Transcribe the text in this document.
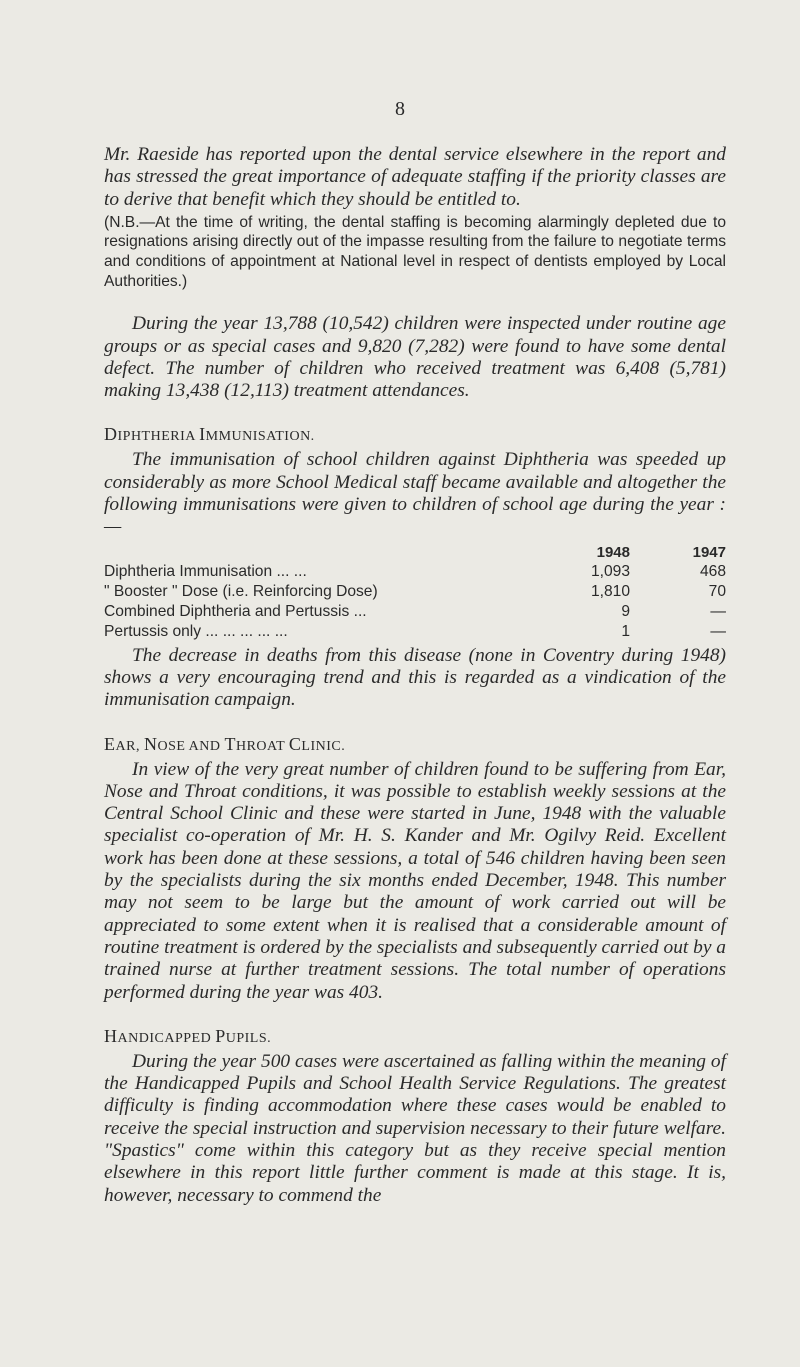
8

Mr. Raeside has reported upon the dental service elsewhere in the report and has stressed the great importance of adequate staffing if the priority classes are to derive that benefit which they should be entitled to.

(N.B.—At the time of writing, the dental staffing is becoming alarmingly depleted due to resignations arising directly out of the impasse resulting from the failure to negotiate terms and conditions of appointment at National level in respect of dentists employed by Local Authorities.)

During the year 13,788 (10,542) children were inspected under routine age groups or as special cases and 9,820 (7,282) were found to have some dental defect. The number of children who received treatment was 6,408 (5,781) making 13,438 (12,113) treatment attendances.

DIPHTHERIA IMMUNISATION.

The immunisation of school children against Diphtheria was speeded up considerably as more School Medical staff became available and altogether the following immunisations were given to children of school age during the year :—

	1948	1947
Diphtheria Immunisation ... ...	1,093	468
" Booster " Dose (i.e. Reinforcing Dose)	1,810	70
Combined Diphtheria and Pertussis ...	9	—
Pertussis only ... ... ... ... ...	1	—

The decrease in deaths from this disease (none in Coventry during 1948) shows a very encouraging trend and this is regarded as a vindication of the immunisation campaign.

EAR, NOSE AND THROAT CLINIC.

In view of the very great number of children found to be suffering from Ear, Nose and Throat conditions, it was possible to establish weekly sessions at the Central School Clinic and these were started in June, 1948 with the valuable specialist co-operation of Mr. H. S. Kander and Mr. Ogilvy Reid. Excellent work has been done at these sessions, a total of 546 children having been seen by the specialists during the six months ended December, 1948. This number may not seem to be large but the amount of work carried out will be appreciated to some extent when it is realised that a considerable amount of routine treatment is ordered by the specialists and subsequently carried out by a trained nurse at further treatment sessions. The total number of operations performed during the year was 403.

HANDICAPPED PUPILS.

During the year 500 cases were ascertained as falling within the meaning of the Handicapped Pupils and School Health Service Regulations. The greatest difficulty is finding accommodation where these cases would be enabled to receive the special instruction and supervision necessary to their future welfare. "Spastics" come within this category but as they receive special mention elsewhere in this report little further comment is made at this stage. It is, however, necessary to commend the
